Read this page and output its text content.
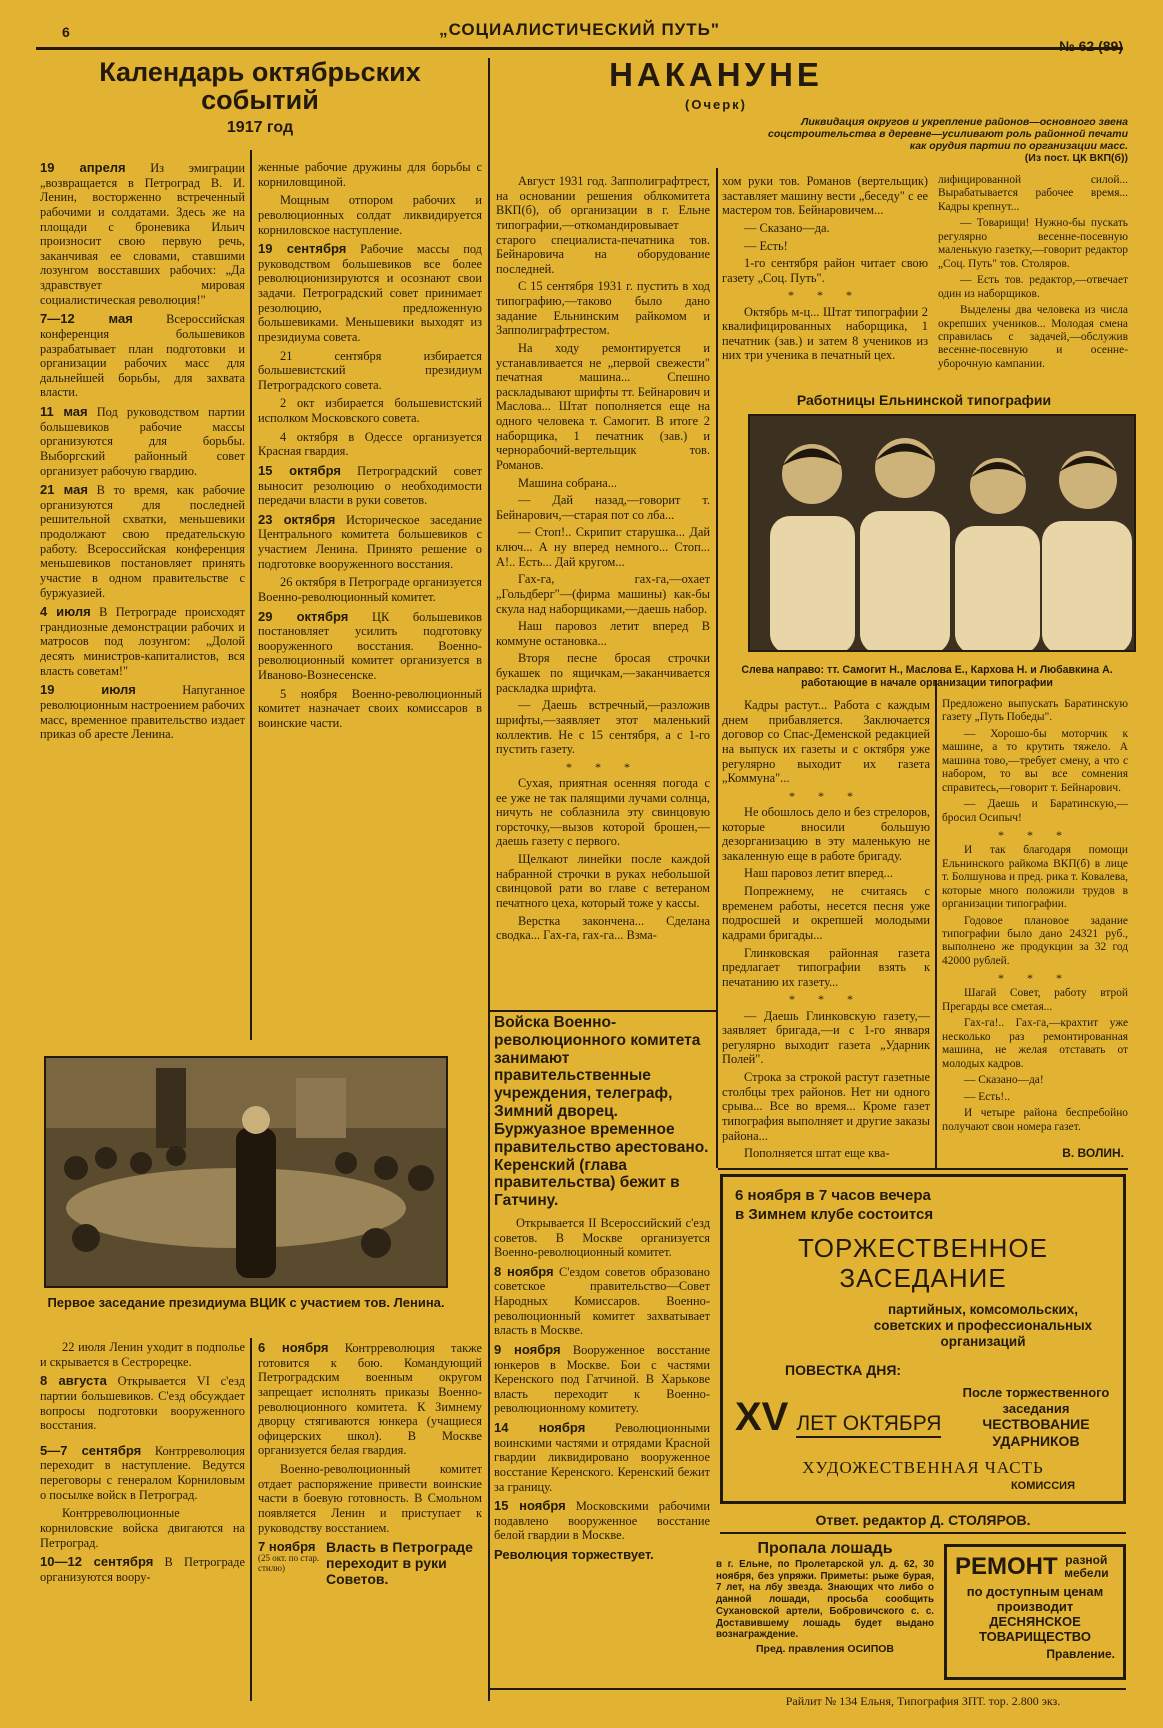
6	„СОЦИАЛИСТИЧЕСКИЙ ПУТЬ"
№ 62 (89)
Календарь октябрьских событий
1917 год
19 апреля Из эмиграции „возвращается в Петроград В. И. Ленин, восторженно встреченный рабочими и солдатами. Здесь же на площади с броневика Ильич произносит свою первую речь, заканчивая ее словами, ставшими лозунгом восставших рабочих: „Да здравствует мировая социалистическая революция!"
7—12 мая	Всероссийская конференция большевиков разрабатывает план подготовки и организации рабочих масс для дальнейшей борьбы, для захвата власти.
11 мая Под руководством партии большевиков рабочие массы организуются для борьбы. Выборгский районный совет организует рабочую гвардию.
21 мая В то время, как рабочие организуются для последней решительной схватки, меньшевики продолжают свою предательскую работу. Всероссийская конференция меньшевиков постановляет принять участие в одном правительстве с буржуазией.
4 июля В Петрограде происходят грандиозные демонстрации рабочих и матросов под лозунгом: „Долой десять министров-капиталистов, вся власть советам!"
19 июля	Напуганное революционным настроением рабочих масс, временное правительство издает приказ об аресте Ленина.
женные рабочие дружины для борьбы с корниловщиной.
Мощным отпором рабочих и революционных солдат ликвидируется корниловское наступление.
19 сентября Рабочие массы под руководством большевиков все более революционизируются и осознают свои задачи. Петроградский совет принимает резолюцию, предложенную большевиками. Меньшевики выходят из президиума совета.
21 сентября избирается большевистский президиум Петроградского совета.
2 окт избирается большевистский исполком Московского совета.
4 октября в Одессе организуется Красная гвардия.
15 октября Петроградский совет выносит резолюцию о необходимости передачи власти в руки советов.
23 октября Историческое заседание Центрального комитета большевиков с участием Ленина. Принято решение о подготовке вооруженного восстания.
26 октября в Петрограде организуется Военно-революционный комитет.
29 октября ЦК большевиков постановляет усилить подготовку вооруженного восстания. Военно-революционный комитет организуется в Иваново-Вознесенске.
5 ноября Военно-революционный комитет назначает своих комиссаров в воинские части.
Первое заседание президиума ВЦИК с участием тов. Ленина.
22 июля Ленин уходит в подполье и скрывается в Сестрорецке.
8 августа Открывается VI с'езд партии большевиков. С'езд обсуждает вопросы подготовки вооруженного восстания.
5—7 сентября Контрреволюция переходит в наступление. Ведутся переговоры с генералом Корниловым о посылке войск в Петроград.
Контрреволюционные корниловские войска двигаются на Петроград.
10—12 сентября В Петрограде организуются воору-
6 ноября Контрреволюция также готовится к бою. Командующий Петроградским военным округом запрещает исполнять приказы Военно-революционного комитета. К Зимнему дворцу стягиваются юнкера (учащиеся офицерских школ). В Москве организуется белая гвардия.
Военно-революционный комитет отдает распоряжение привести воинские части в боевую готовность. В Смольном появляется Ленин и приступает к руководству восстанием.
7 ноября
(25 окт. по стар. стилю)
Власть в Петрограде переходит в руки Советов.
НАКАНУНЕ
(Очерк)
Ликвидация округов и укрепление районов—основного звена соцстроительства в деревне—усиливают роль районной печати как орудия партии по организации масс.
(Из пост. ЦК ВКП(б))

Август 1931 год. Запполиграфтрест, на основании решения облкомитета ВКП(б), об организации в г. Ельне типографии,—откомандировывает старого специалиста-печатника тов. Бейнаровича на оборудование последней.

С 15 сентября 1931 г. пустить в ход типографию,—таково было дано задание Ельнинским райкомом и Запполиграфтрестом.

На ходу ремонтируется и устанавливается не „первой свежести" печатная машина... Спешно раскладывают шрифты тт. Бейнарович и Маслова... Штат пополняется еще на одного человека т. Самогит. В итоге 2 наборщика, 1 печатник (зав.) и чернорабочий-вертельщик тов. Романов.

Машина собрана...

— Дай назад,—говорит т. Бейнарович,—старая пот со лба...

— Стоп!.. Скрипит старушка... Дай ключ... А ну вперед немного... Стоп... А!.. Есть... Дай кругом...

Гах-га, гах-га,—охает „Гольдберг"—(фирма машины) как-бы скула над наборщиками,—даешь набор.

Наш паровоз летит вперед В коммуне остановка...

Вторя песне бросая строчки букашек по ящичкам,—заканчивается раскладка шрифта.

— Даешь встречный,—разложив шрифты,—заявляет этот маленький коллектив. Не с 15 сентября, а с 1-го пустить газету.

* * *

Сухая, приятная осенняя погода с ее уже не так палящими лучами солнца, ничуть не соблазнила эту свинцовую горсточку,—вызов которой брошен,—даешь газету с первого.

Щелкают линейки после каждой набранной строчки в руках небольшой свинцовой рати во главе с ветераном печатного цеха, который тоже у кассы.

Верстка закончена... Сделана сводка... Гах-га, гах-га... Взма-

хом руки тов. Романов (вертельщик) заставляет машину вести „беседу" с ее мастером тов. Бейнаровичем...

— Сказано—да.

— Есть!

1-го сентября район читает свою газету „Соц. Путь".

* * *

Октябрь м-ц... Штат типографии 2 квалифицированных наборщика, 1 печатник (зав.) и затем 8 учеников из них три ученика в печатный цех.

лифицированной силой... Вырабатывается рабочее время... Кадры крепнут...

— Товарищи! Нужно-бы пускать регулярно весенне-посевную маленькую газетку,—говорит редактор „Соц. Путь" тов. Столяров.

— Есть тов. редактор,—отвечает один из наборщиков.

Выделены два человека из числа окрепших учеников... Молодая смена справилась с задачей,—обслужив весенне-посевную и осенне-уборочную кампании.

Работницы Ельнинской типографии
Слева направо: тт. Самогит Н., Маслова Е., Кархова Н. и Любавкина А. работающие в начале организации типографии

Кадры растут... Работа с каждым днем прибавляется. Заключается договор со Спас-Деменской редакцией на выпуск их газеты и с октября уже регулярно выходит их газета „Коммуна"...

* * *

Не обошлось дело и без стрелоров, которые вносили большую дезорганизацию в эту маленькую не закаленную еще в работе бригаду.

Наш паровоз летит вперед...

Попрежнему, не считаясь с временем работы, несется песня уже подросшей и окрепшей молодыми кадрами бригады...

Глинковская районная газета предлагает типографии взять к печатанию их газету...

* * *

— Даешь Глинковскую газету,—заявляет бригада,—и с 1-го января регулярно выходит газета „Ударник Полей".

Строка за строкой растут газетные столбцы трех районов. Нет ни одного срыва... Все во время... Кроме газет типография выполняет и другие заказы района...

Пополняется штат еще ква-

Предложено выпускать Баратинскую газету „Путь Победы".

— Хорошо-бы моторчик к машине, а то крутить тяжело. А машина тово,—требует смену, а что с набором, то вы все сомнения справитесь,—говорит т. Бейнарович.

— Даешь и Баратинскую,—бросил Осипыч!

* * *

И так благодаря помощи Ельнинского райкома ВКП(б) в лице т. Болшунова и пред. рика т. Ковалева, которые много положили трудов в организации типографии.

Годовое плановое задание типографии было дано 24321 руб., выполнено же продукции за 32 год 42000 рублей.

* * *

Шагай Совет, работу втрой Прегарды все сметая...

Гах-га!.. Гах-га,—крахтит уже несколько раз ремонтированная машина, не желая отставать от молодых кадров.

— Сказано—да!

— Есть!..

И четыре района беспребойно получают свои номера газет.

В. ВОЛИН.
Войска Военно-революционного комитета занимают правительственные учреждения, телеграф, Зимний дворец. Буржуазное временное правительство арестовано. Керенский (глава правительства) бежит в Гатчину.
Открывается II Всероссийский с'езд советов. В Москве организуется Военно-революционный комитет.
8 ноября С'ездом советов образовано советское правительство—Совет Народных Комиссаров. Военно-революционный комитет захватывает власть в Москве.
9 ноября Вооруженное восстание юнкеров в Москве. Бои с частями Керенского под Гатчиной. В Харькове власть переходит к Военно-революционному комитету.
14 ноября Революционными воинскими частями и отрядами Красной гвардии ликвидировано вооруженное восстание Керенского. Керенский бежит за границу.
15 ноября Московскими рабочими подавлено вооруженное восстание белой гвардии в Москве.
Революция торжествует.
6 ноября в 7 часов вечера
в Зимнем клубе состоится
ТОРЖЕСТВЕННОЕ ЗАСЕДАНИЕ
партийных, комсомольских, советских и профессиональных организаций
ПОВЕСТКА ДНЯ:
XV ЛЕТ ОКТЯБРЯ
После торжественного заседания
ЧЕСТВОВАНИЕ УДАРНИКОВ
ХУДОЖЕСТВЕННАЯ ЧАСТЬ
КОМИССИЯ
Ответ. редактор Д. СТОЛЯРОВ.
Пропала лошадь
в г. Ельне, по Пролетарской ул. д. 62, 30 ноября, без упряжи. Приметы: рыже бурая, 7 лет, на лбу звезда. Знающих что либо о данной лошади, просьба сообщить Сухановской артели, Бобровичского с. с. Доставившему лошадь будет выдано вознаграждение.
Пред. правления ОСИПОВ
РЕМОНТ разной мебели
по доступным ценам производит ДЕСНЯНСКОЕ ТОВАРИЩЕСТВО
Правление.
Райлит № 134 Ельня, Типография ЗПТ. тор. 2.800 экз.
